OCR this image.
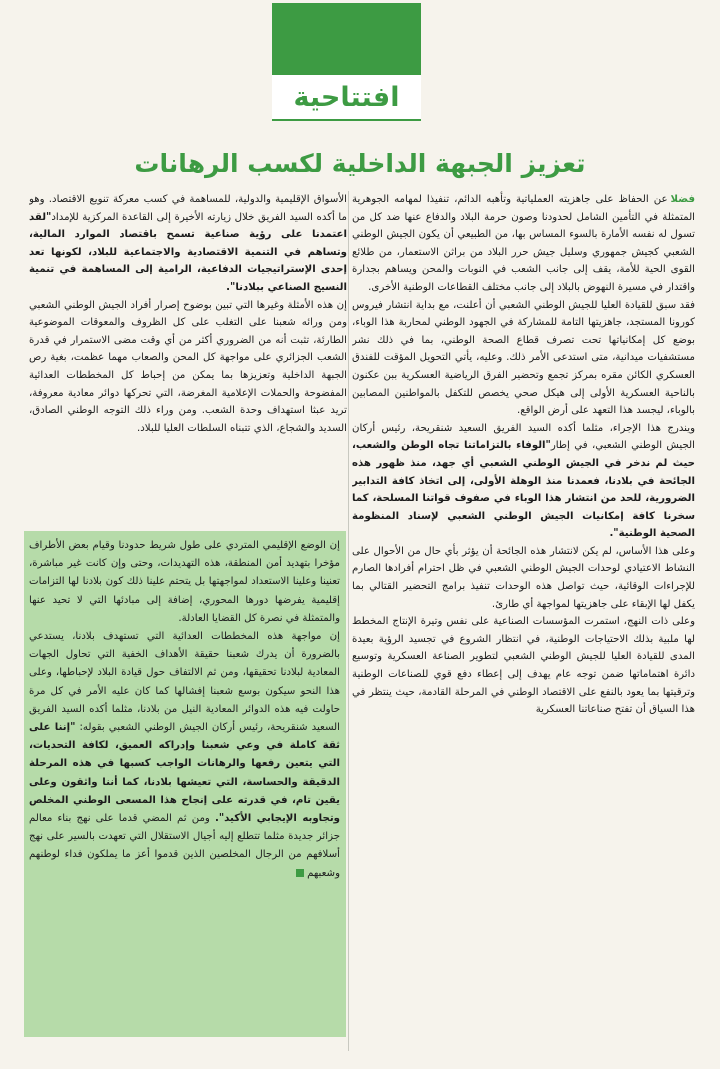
افتتاحية
تعزيز الجبهة الداخلية لكسب الرهانات

فضلاعن الحفاظ على جاهزيته العملياتية وتأهبه الدائم، تنفيذا لمهامه الجوهرية المتمثلة في التأمين الشامل لحدودنا وصون حرمة البلاد والدفاع عنها ضد كل من تسول له نفسه الأمارة بالسوء المساس بها، من الطبيعي أن يكون الجيش الوطني الشعبي كجيش جمهوري وسليل جيش حرر البلاد من براثن الاستعمار، من طلائع القوى الحية للأمة، يقف إلى جانب الشعب في النوبات والمحن ويساهم بجدارة واقتدار في مسيرة النهوض بالبلاد إلى جانب مختلف القطاعات الوطنية الأخرى.

فقد سبق للقيادة العليا للجيش الوطني الشعبي أن أعلنت، مع بداية انتشار فيروس كورونا المستجد، جاهزيتها التامة للمشاركة في الجهود الوطني لمحاربة هذا الوباء، بوضع كل إمكانياتها تحت تصرف قطاع الصحة الوطني، بما في ذلك نشر مستشفيات ميدانية، متى استدعى الأمر ذلك. وعليه، يأتي التحويل المؤقت للفندق العسكري الكائن مقره بمركز تجمع وتحضير الفرق الرياضية العسكرية ببن عكنون بالناحية العسكرية الأولى إلى هيكل صحي يخصص للتكفل بالمواطنين المصابين بالوباء، ليجسد هذا التعهد على أرض الواقع.

ويندرج هذا الإجراء، مثلما أكده السيد الفريق السعيد شنقريحة، رئيس أركان الجيش الوطني الشعبي، في إطار"الوفاء بالتزاماتنا تجاه الوطن والشعب، حيث لم ندخر في الجيش الوطني الشعبي أي جهد، منذ ظهور هذه الجائحة في بلادنا، فعمدنا منذ الوهلة الأولى، إلى اتخاذ كافة التدابير الضرورية، للحد من انتشار هذا الوباء في صفوف قواتنا المسلحة، كما سخرنا كافة إمكانيات الجيش الوطني الشعبي لإسناد المنظومة الصحية الوطنية".

وعلى هذا الأساس، لم يكن لانتشار هذه الجائحة أن يؤثر بأي حال من الأحوال على النشاط الاعتيادي لوحدات الجيش الوطني الشعبي في ظل احترام أفرادها الصارم للإجراءات الوقائية، حيث تواصل هذه الوحدات تنفيذ برامج التحضير القتالي بما يكفل لها الإبقاء على جاهزيتها لمواجهة أي طارئ.

وعلى ذات النهج، استمرت المؤسسات الصناعية على نفس وتيرة الإنتاج المخطط لها ملبية بذلك الاحتياجات الوطنية، في انتظار الشروع في تجسيد الرؤية بعيدة المدى للقيادة العليا للجيش الوطني الشعبي لتطوير الصناعة العسكرية وتوسيع دائرة اهتماماتها ضمن توجه عام يهدف إلى إعطاء دفع قوي للصناعات الوطنية وترقيتها بما يعود بالنفع على الاقتصاد الوطني في المرحلة القادمة، حيث ينتظر في هذا السياق أن تفتح صناعاتنا العسكرية

الأسواق الإقليمية والدولية، للمساهمة في كسب معركة تنويع الاقتصاد. وهو ما أكده السيد الفريق خلال زيارته الأخيرة إلى القاعدة المركزية للإمداد"لقد اعتمدنا على رؤية صناعية تسمح باقتصاد الموارد المالية، وتساهم في التنمية الاقتصادية والاجتماعية للبلاد، لكونها تعد إحدى الإستراتيجيات الدفاعية، الرامية إلى المساهمة في تنمية النسيج الصناعي ببلادنا".

إن هذه الأمثلة وغيرها التي تبين بوضوح إصرار أفراد الجيش الوطني الشعبي ومن ورائه شعبنا على التغلب على كل الظروف والمعوقات الموضوعية الطارئة، تثبت أنه من الضروري أكثر من أي وقت مضى الاستمرار في قدرة الشعب الجزائري على مواجهة كل المحن والصعاب مهما عظمت، بغية رص الجبهة الداخلية وتعزيزها بما يمكن من إحباط كل المخططات العدائية المفضوحة والحملات الإعلامية المغرضة، التي تحركها دوائر معادية معروفة، تريد عبثا استهداف وحدة الشعب. ومن وراء ذلك التوجه الوطني الصادق، السديد والشجاع، الذي تتبناه السلطات العليا للبلاد.

إن الوضع الإقليمي المتردي على طول شريط حدودنا وقيام بعض الأطراف مؤخرا بتهديد أمن المنطقة، هذه التهديدات، وحتى وإن كانت غير مباشرة، تعنينا وعلينا الاستعداد لمواجهتها بل يتحتم علينا ذلك كون بلادنا لها التزامات إقليمية يفرضها دورها المحوري، إضافة إلى مبادئها التي لا تحيد عنها والمتمثلة في نصرة كل القضايا العادلة.

إن مواجهة هذه المخططات العدائية التي تستهدف بلادنا، يستدعي بالضرورة أن يدرك شعبنا حقيقة الأهداف الخفية التي تحاول الجهات المعادية لبلادنا تحقيقها، ومن ثم الالتفاف حول قيادة البلاد لإحباطها، وعلى هذا النحو سيكون بوسع شعبنا إفشالها كما كان عليه الأمر في كل مرة حاولت فيه هذه الدوائر المعادية النيل من بلادنا، مثلما أكده السيد الفريق السعيد شنقريحة، رئيس أركان الجيش الوطني الشعبي بقوله: "إننا على ثقة كاملة في وعي شعبنا وإدراكه العميق، لكافة التحديات، التي يتعين رفعها والرهانات الواجب كسبها في هذه المرحلة الدقيقة والحساسة، التي تعيشها بلادنا، كما أننا واثقون وعلى يقين تام، في قدرته على إنجاح هذا المسعى الوطني المخلص وتجاوبه الإيجابي الأكيد". ومن ثم المضي قدما على نهج بناء معالم جزائر جديدة مثلما تتطلع إليه أجيال الاستقلال التي تعهدت بالسير على نهج أسلافهم من الرجال المخلصين الذين قدموا أعز ما يملكون فداء لوطنهم وشعبهم
